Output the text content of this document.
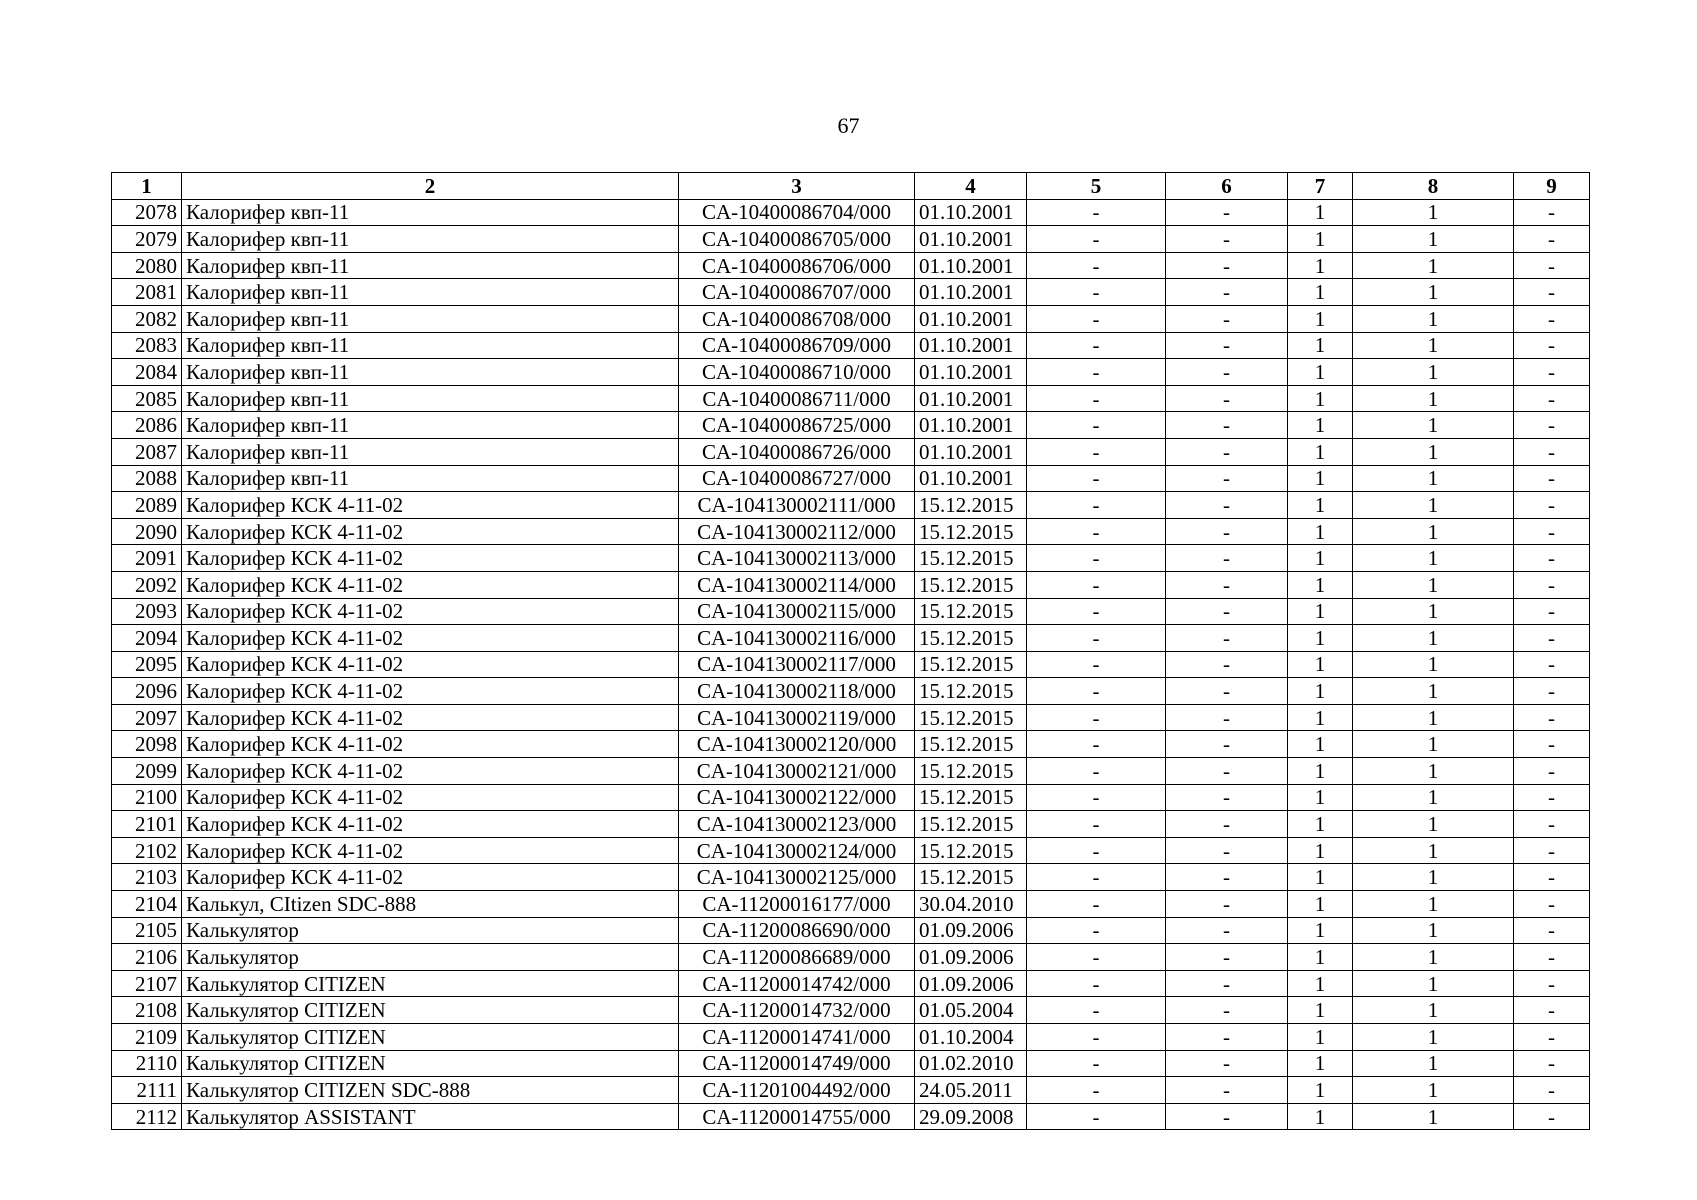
67
1	2	3	4	5	6	7	8	9
2078	Калорифер квп-11	CA-10400086704/000	01.10.2001	-	-	1	1	-
2079	Калорифер квп-11	CA-10400086705/000	01.10.2001	-	-	1	1	-
2080	Калорифер квп-11	CA-10400086706/000	01.10.2001	-	-	1	1	-
2081	Калорифер квп-11	CA-10400086707/000	01.10.2001	-	-	1	1	-
2082	Калорифер квп-11	CA-10400086708/000	01.10.2001	-	-	1	1	-
2083	Калорифер квп-11	CA-10400086709/000	01.10.2001	-	-	1	1	-
2084	Калорифер квп-11	CA-10400086710/000	01.10.2001	-	-	1	1	-
2085	Калорифер квп-11	CA-10400086711/000	01.10.2001	-	-	1	1	-
2086	Калорифер квп-11	CA-10400086725/000	01.10.2001	-	-	1	1	-
2087	Калорифер квп-11	CA-10400086726/000	01.10.2001	-	-	1	1	-
2088	Калорифер квп-11	CA-10400086727/000	01.10.2001	-	-	1	1	-
2089	Калорифер КСК 4-11-02	CA-104130002111/000	15.12.2015	-	-	1	1	-
2090	Калорифер КСК 4-11-02	CA-104130002112/000	15.12.2015	-	-	1	1	-
2091	Калорифер КСК 4-11-02	CA-104130002113/000	15.12.2015	-	-	1	1	-
2092	Калорифер КСК 4-11-02	CA-104130002114/000	15.12.2015	-	-	1	1	-
2093	Калорифер КСК 4-11-02	CA-104130002115/000	15.12.2015	-	-	1	1	-
2094	Калорифер КСК 4-11-02	CA-104130002116/000	15.12.2015	-	-	1	1	-
2095	Калорифер КСК 4-11-02	CA-104130002117/000	15.12.2015	-	-	1	1	-
2096	Калорифер КСК 4-11-02	CA-104130002118/000	15.12.2015	-	-	1	1	-
2097	Калорифер КСК 4-11-02	CA-104130002119/000	15.12.2015	-	-	1	1	-
2098	Калорифер КСК 4-11-02	CA-104130002120/000	15.12.2015	-	-	1	1	-
2099	Калорифер КСК 4-11-02	CA-104130002121/000	15.12.2015	-	-	1	1	-
2100	Калорифер КСК 4-11-02	CA-104130002122/000	15.12.2015	-	-	1	1	-
2101	Калорифер КСК 4-11-02	CA-104130002123/000	15.12.2015	-	-	1	1	-
2102	Калорифер КСК 4-11-02	CA-104130002124/000	15.12.2015	-	-	1	1	-
2103	Калорифер КСК 4-11-02	CA-104130002125/000	15.12.2015	-	-	1	1	-
2104	Калькул, CItizen SDC-888	CA-11200016177/000	30.04.2010	-	-	1	1	-
2105	Калькулятор	CA-11200086690/000	01.09.2006	-	-	1	1	-
2106	Калькулятор	CA-11200086689/000	01.09.2006	-	-	1	1	-
2107	Калькулятор CITIZEN	CA-11200014742/000	01.09.2006	-	-	1	1	-
2108	Калькулятор CITIZEN	CA-11200014732/000	01.05.2004	-	-	1	1	-
2109	Калькулятор CITIZEN	CA-11200014741/000	01.10.2004	-	-	1	1	-
2110	Калькулятор CITIZEN	CA-11200014749/000	01.02.2010	-	-	1	1	-
2111	Калькулятор CITIZEN SDC-888	CA-11201004492/000	24.05.2011	-	-	1	1	-
2112	Калькулятор ASSISTANT	CA-11200014755/000	29.09.2008	-	-	1	1	-
